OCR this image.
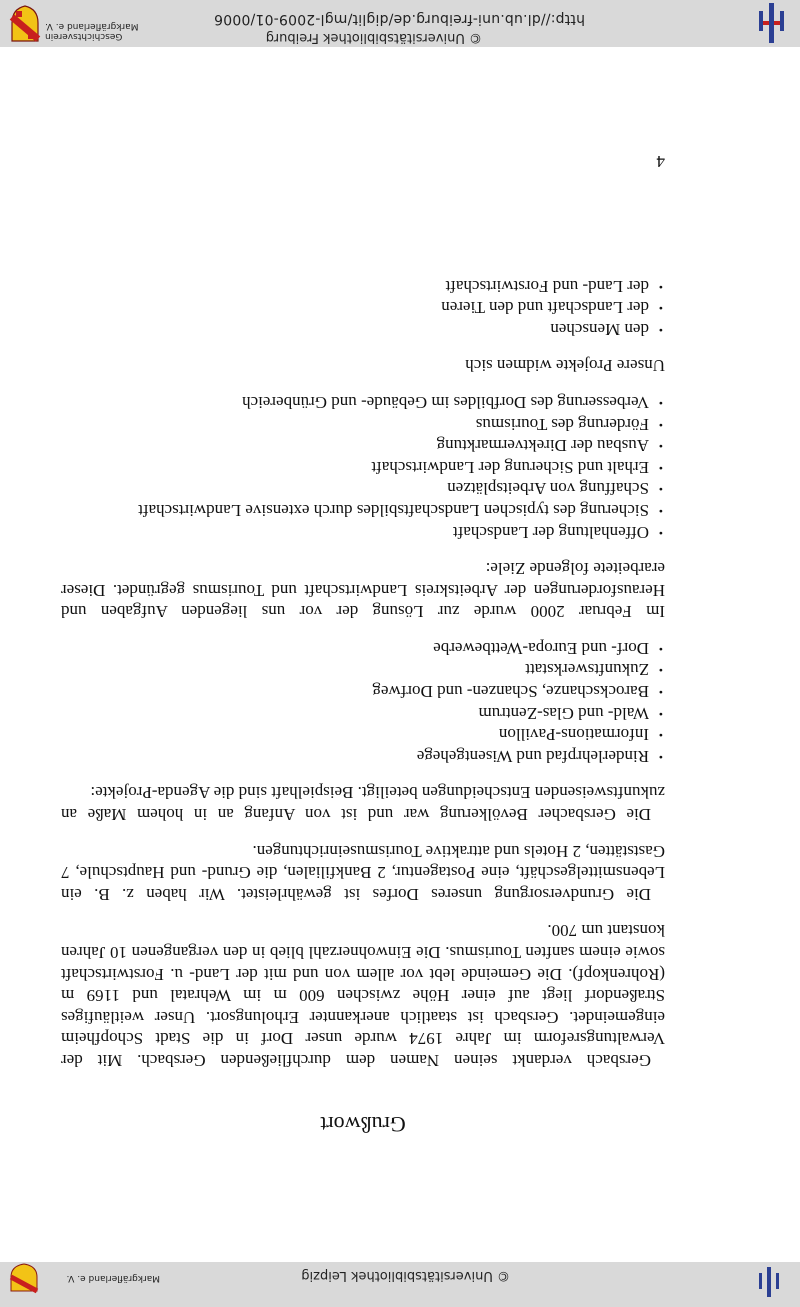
© Universitätsbibliothek Leipzig
Markgräflerland e. V.
Grußwort

Gersbach verdankt seinen Namen dem durchfließenden Gersbach. Mit der Verwaltungsreform im Jahre 1974 wurde unser Dorf in die Stadt Schopfheim eingemeindet. Gersbach ist staatlich anerkannter Erholungsort. Unser weitläufiges Straßendorf liegt auf einer Höhe zwischen 600 m im Wehratal und 1169 m (Rohrenkopf). Die Gemeinde lebt vor allem von und mit der Land- u. Forstwirtschaft sowie einem sanften Tourismus. Die Einwohnerzahl blieb in den vergangenen 10 Jahren konstant um 700.

Die Grundversorgung unseres Dorfes ist gewährleistet. Wir haben z. B. ein Lebensmittelgeschäft, eine Postagentur, 2 Bankfilialen, die Grund- und Hauptschule, 7 Gaststätten, 2 Hotels und attraktive Tourismuseinrichtungen.

Die Gersbacher Bevölkerung war und ist von Anfang an in hohem Maße an zukunftsweisenden Entscheidungen beteiligt. Beispielhaft sind die Agenda-Projekte:

•
Rinderlehrpfad und Wisentgehege
•
Informations-Pavillon
•
Wald- und Glas-Zentrum
•
Barockschanze, Schanzen- und Dorfweg
•
Zukunftswerkstatt
•
Dorf- und Europa-Wettbewerbe

Im Februar 2000 wurde zur Lösung der vor uns liegenden Aufgaben und Herausforderungen der Arbeitskreis Landwirtschaft und Tourismus gegründet. Dieser erarbeitete folgende Ziele:

•
Offenhaltung der Landschaft
•
Sicherung des typischen Landschaftsbildes durch extensive Landwirtschaft
•
Schaffung von Arbeitsplätzen
•
Erhalt und Sicherung der Landwirtschaft
•
Ausbau der Direktvermarktung
•
Förderung des Tourismus
•
Verbesserung des Dorfbildes im Gebäude- und Grünbereich

Unsere Projekte widmen sich

•
den Menschen
•
der Landschaft und den Tieren
•
der Land- und Forstwirtschaft
4
© Universitätsbibliothek Freiburg
http://dl.ub.uni-freiburg.de/diglit/mgl-2009-01/0006
Geschichtsverein
Markgräflerland e. V.
